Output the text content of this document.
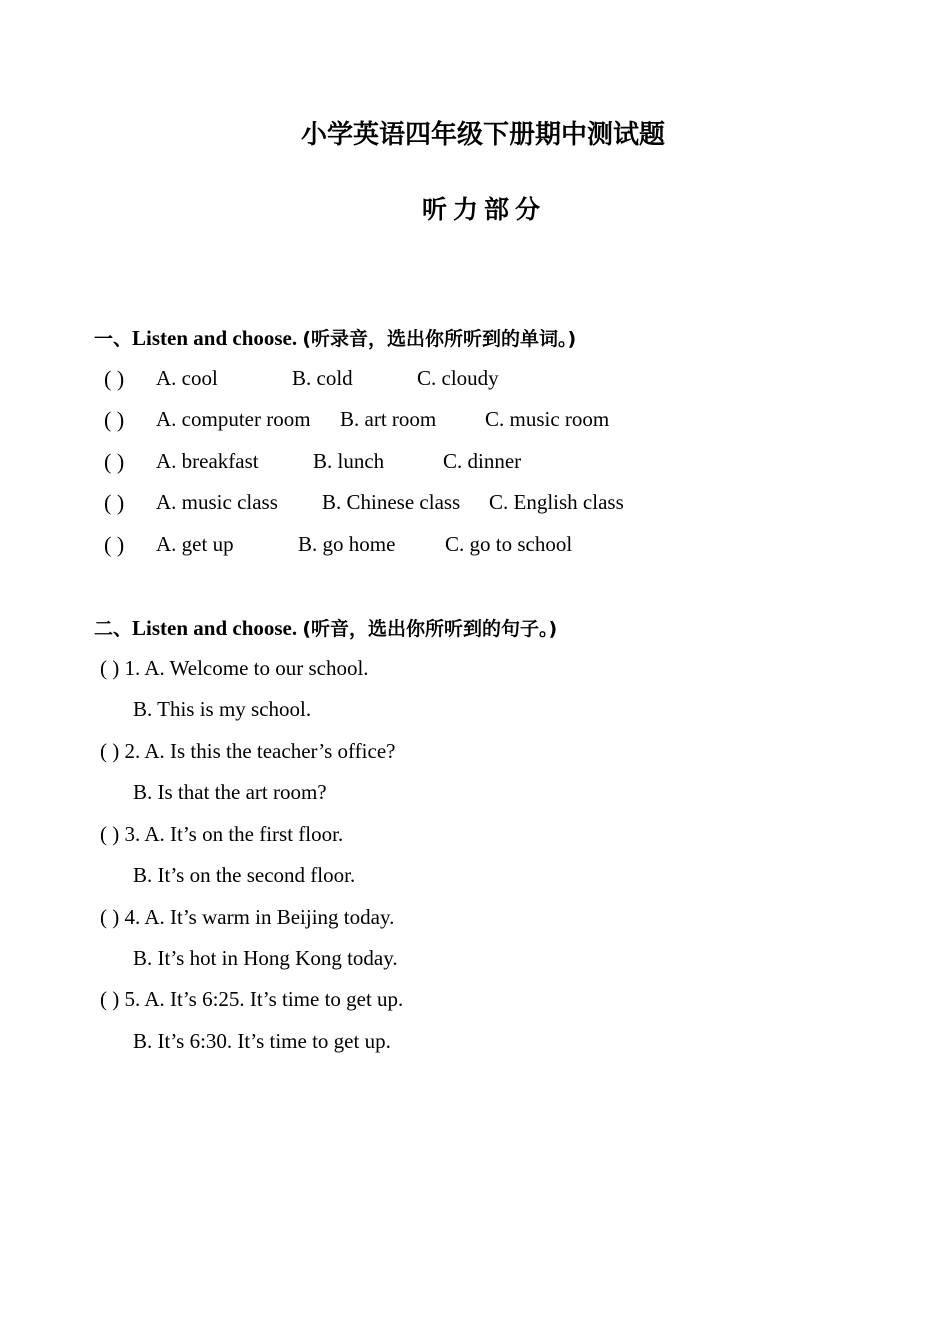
小学英语四年级下册期中测试题
听力部分
一、Listen and choose. (听录音，选出你所听到的单词。)
( ) A. cool	B. cold	C. cloudy
( ) A. computer room B. art room C. music room
( ) A. breakfast	B. lunch	C. dinner
( ) A. music class B. Chinese class C. English class
( ) A. get up	B. go home C. go to school
二、Listen and choose. (听音，选出你所听到的句子。)
( ) 1. A. Welcome to our school.
B. This is my school.
( ) 2. A. Is this the teacher’s office?
B. Is that the art room?
( ) 3. A. It’s on the first floor.
B. It’s on the second floor.
( ) 4. A. It’s warm in Beijing today.
B. It’s hot in Hong Kong today.
( ) 5. A. It’s 6:25. It’s time to get up.
B. It’s 6:30. It’s time to get up.
